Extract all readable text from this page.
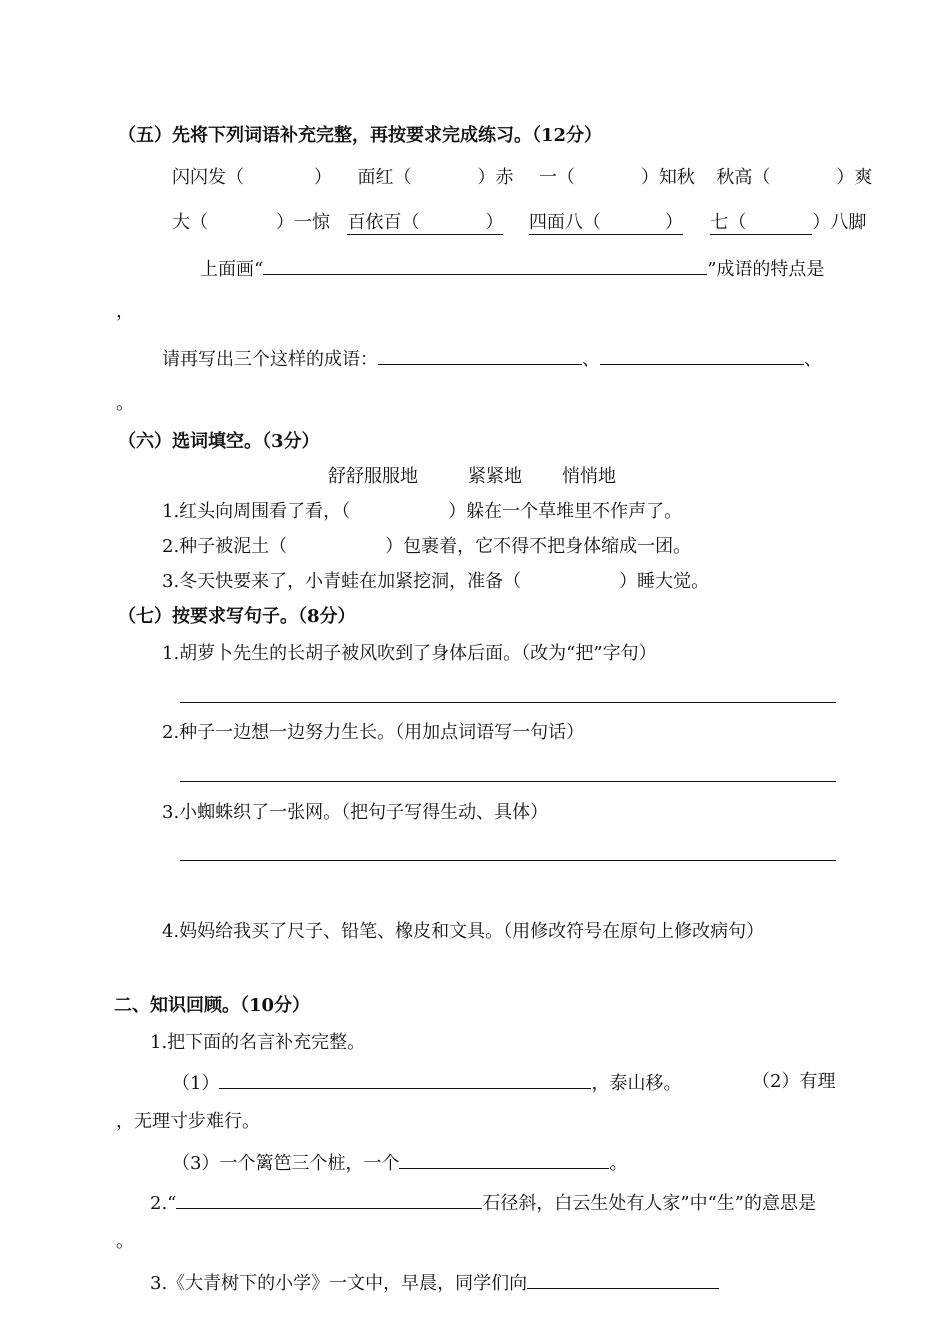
（五）先将下列词语补充完整，再按要求完成练习。（12分）
闪闪发（	） 面红（	）赤 一（	）知秋 秋高（	）爽
大（	）一惊 百依百（	） 四面八（	） 七（	）八脚
上面画“	”成语的特点是
，
请再写出三个这样的成语：	、	、
。
（六）选词填空。（3分）
舒舒服服地	紧紧地 悄悄地
1.红头向周围看了看，（	）躲在一个草堆里不作声了。
2.种子被泥土（	）包裹着，它不得不把身体缩成一团。
3.冬天快要来了，小青蛙在加紧挖洞，准备（	）睡大觉。
（七）按要求写句子。（8分）
1.胡萝卜先生的长胡子被风吹到了身体后面。（改为“把”字句）
2.种子一边想一边努力生长。（用加点词语写一句话）
3.小蜘蛛织了一张网。（把句子写得生动、具体）
4.妈妈给我买了尺子、铅笔、橡皮和文具。（用修改符号在原句上修改病句）
二、知识回顾。（10分）
1.把下面的名言补充完整。
（1）	，泰山移。	（2）有理
，无理寸步难行。
（3）一个篱笆三个桩，一个	。
2.“	石径斜，白云生处有人家”中“生”的意思是
。
3.《大青树下的小学》一文中，早晨，同学们向
